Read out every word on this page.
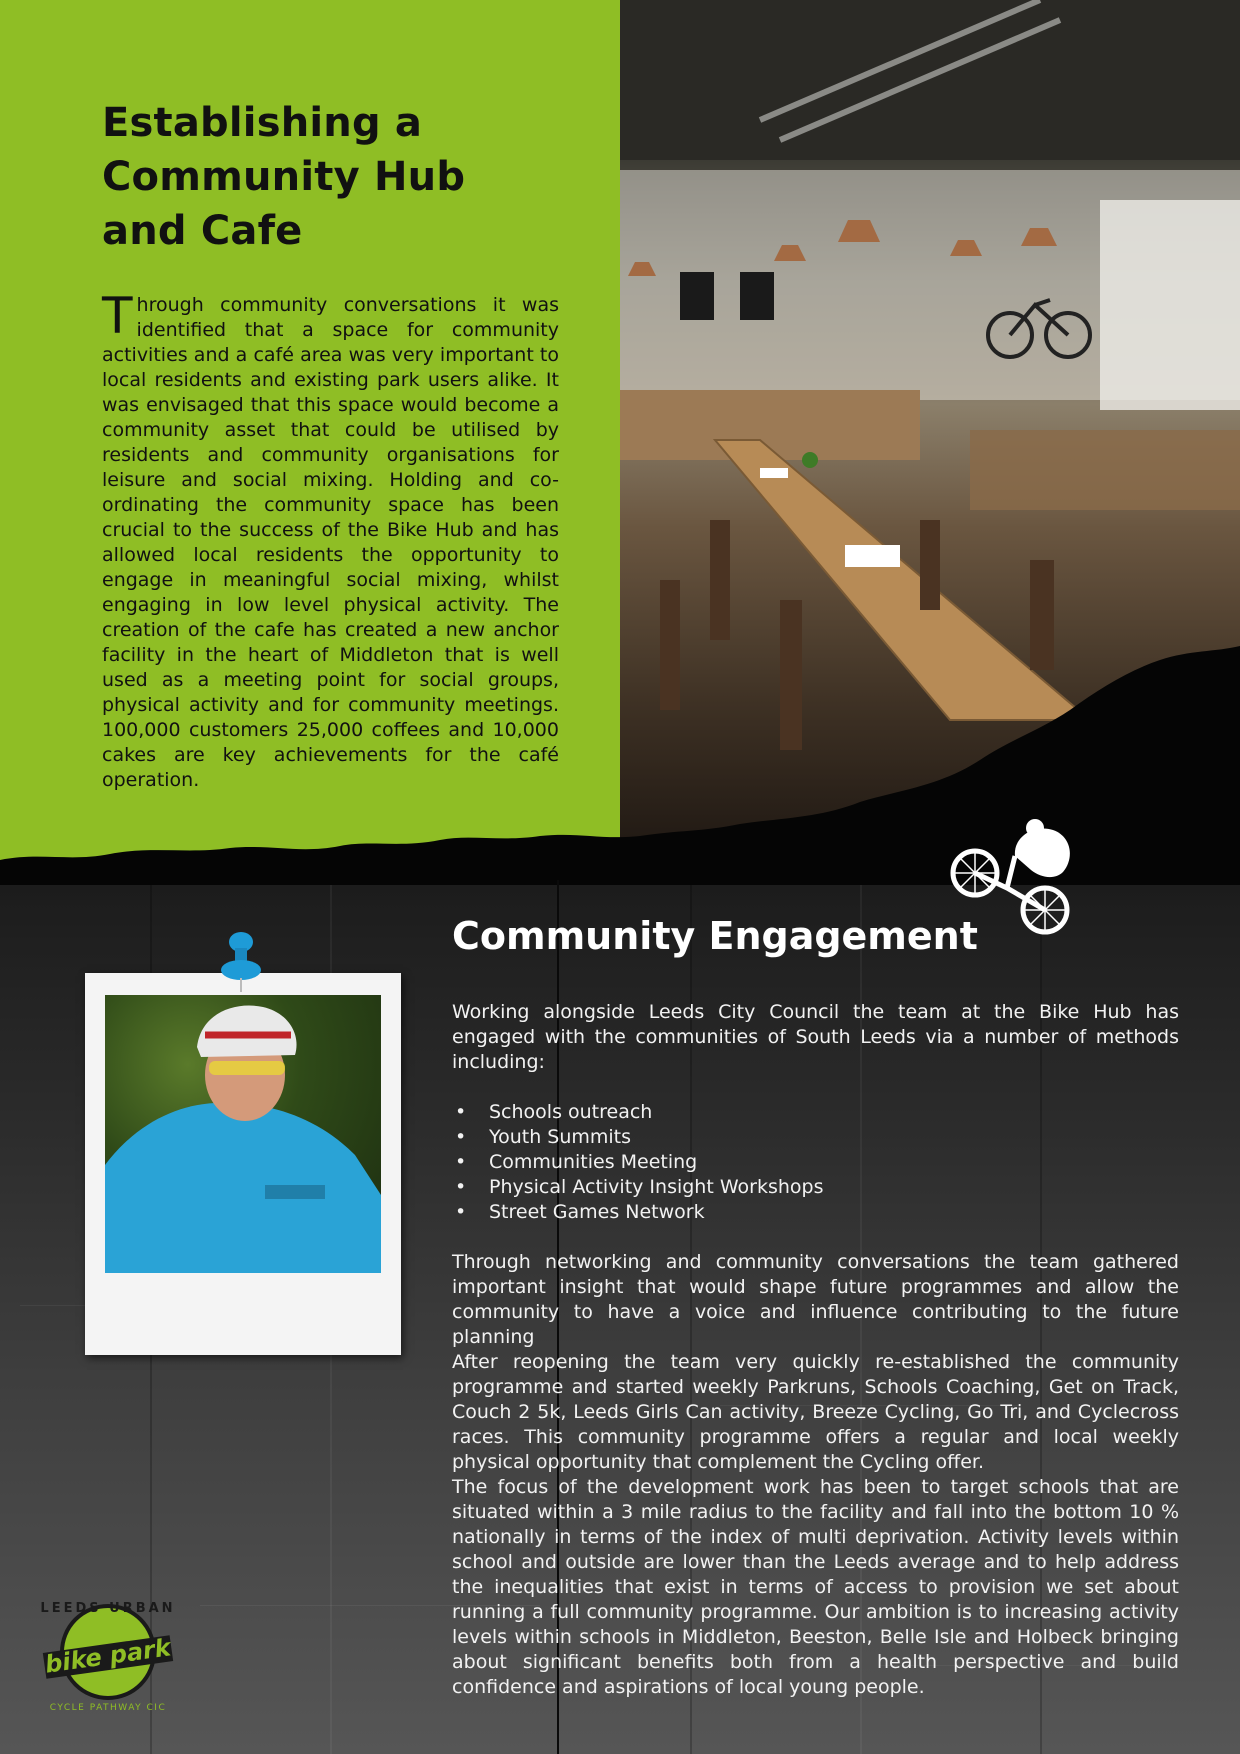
Establishing a
Community Hub
and Cafe

Through community conversations it was identified that a space for community activities and a café area was very important to local residents and existing park users alike. It was envisaged that this space would become a community asset that could be utilised by residents and community organisations for leisure and social mixing. Holding and co-ordinating the community space has been crucial to the success of the Bike Hub and has allowed local residents the opportunity to engage in meaningful social mixing, whilst engaging in low level physical activity. The creation of the cafe has created a new anchor facility in the heart of Middleton that is well used as a meeting point for social groups, physical activity and for community meetings. 100,000 customers 25,000 coffees and 10,000 cakes are key achievements for the café operation.

Community Engagement

Working alongside Leeds City Council the team at the Bike Hub has engaged with the communities of South Leeds via a number of methods including:

• Schools outreach
• Youth Summits
• Communities Meeting
• Physical Activity Insight Workshops
• Street Games Network

Through networking and community conversations the team gathered important insight that would shape future programmes and allow the community to have a voice and influence contributing to the future planning

After reopening the team very quickly re-established the community programme and started weekly Parkruns, Schools Coaching, Get on Track, Couch 2 5k, Leeds Girls Can activity, Breeze Cycling, Go Tri, and Cyclecross races. This community programme offers a regular and local weekly physical opportunity that complement the Cycling offer.

The focus of the development work has been to target schools that are situated within a 3 mile radius to the facility and fall into the bottom 10 % nationally in terms of the index of multi deprivation. Activity levels within school and outside are lower than the Leeds average and to help address the inequalities that exist in terms of access to provision we set about running a full community programme. Our ambition is to increasing activity levels within schools in Middleton, Beeston, Belle Isle and Holbeck bringing about significant benefits both from a health perspective and build confidence and aspirations of local young people.

LEEDS URBAN
bike park
CYCLE PATHWAY CIC
